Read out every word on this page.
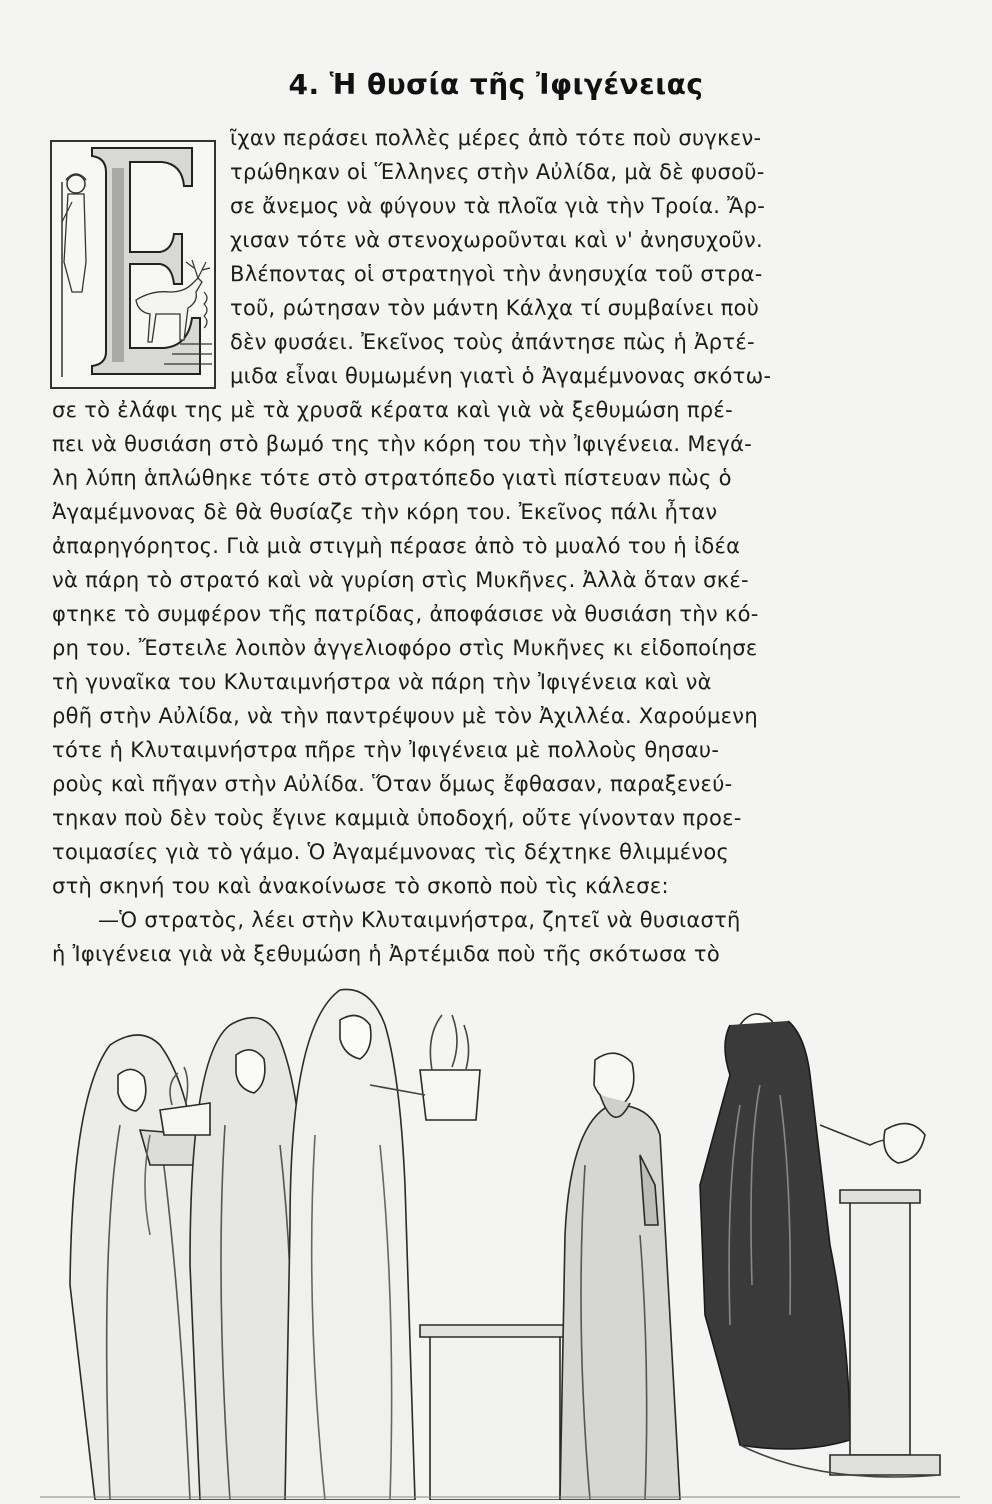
4. Ἡ θυσία τῆς Ἰφιγένειας
ῖχαν περάσει πολλὲς μέρες ἀπὸ τότε ποὺ συγκεν-
τρώθηκαν οἱ Ἕλληνες στὴν Αὐλίδα, μὰ δὲ φυσοῦ-
σε ἄνεμος νὰ φύγουν τὰ πλοῖα γιὰ τὴν Τροία. Ἄρ-
χισαν τότε νὰ στενοχωροῦνται καὶ ν' ἀνησυχοῦν.
Βλέποντας οἱ στρατηγοὶ τὴν ἀνησυχία τοῦ στρα-
τοῦ, ρώτησαν τὸν μάντη Κάλχα τί συμβαίνει ποὺ
δὲν φυσάει. Ἐκεῖνος τοὺς ἀπάντησε πὼς ἡ Ἀρτέ-
μιδα εἶναι θυμωμένη γιατὶ ὁ Ἀγαμέμνονας σκότω-
σε τὸ ἐλάφι της μὲ τὰ χρυσᾶ κέρατα καὶ γιὰ νὰ ξεθυμώση πρέ-
πει νὰ θυσιάση στὸ βωμό της τὴν κόρη του τὴν Ἰφιγένεια. Μεγά-
λη λύπη ἁπλώθηκε τότε στὸ στρατόπεδο γιατὶ πίστευαν πὼς ὁ
Ἀγαμέμνονας δὲ θὰ θυσίαζε τὴν κόρη του. Ἐκεῖνος πάλι ἦταν
ἀπαρηγόρητος. Γιὰ μιὰ στιγμὴ πέρασε ἀπὸ τὸ μυαλό του ἡ ἰδέα
νὰ πάρη τὸ στρατό καὶ νὰ γυρίση στὶς Μυκῆνες. Ἀλλὰ ὅταν σκέ-
φτηκε τὸ συμφέρον τῆς πατρίδας, ἀποφάσισε νὰ θυσιάση τὴν κό-
ρη του. Ἔστειλε λοιπὸν ἀγγελιοφόρο στὶς Μυκῆνες κι εἰδοποίησε
τὴ γυναῖκα του Κλυταιμνήστρα νὰ πάρη τὴν Ἰφιγένεια καὶ νὰ
ρθῆ στὴν Αὐλίδα, νὰ τὴν παντρέψουν μὲ τὸν Ἀχιλλέα. Χαρούμενη
τότε ἡ Κλυταιμνήστρα πῆρε τὴν Ἰφιγένεια μὲ πολλοὺς θησαυ-
ροὺς καὶ πῆγαν στὴν Αὐλίδα. Ὅταν ὅμως ἔφθασαν, παραξενεύ-
τηκαν ποὺ δὲν τοὺς ἔγινε καμμιὰ ὑποδοχή, οὔτε γίνονταν προε-
τοιμασίες γιὰ τὸ γάμο. Ὁ Ἀγαμέμνονας τὶς δέχτηκε θλιμμένος
στὴ σκηνή του καὶ ἀνακοίνωσε τὸ σκοπὸ ποὺ τὶς κάλεσε:
—Ὁ στρατὸς, λέει στὴν Κλυταιμνήστρα, ζητεῖ νὰ θυσιαστῆ
ἡ Ἰφιγένεια γιὰ νὰ ξεθυμώση ἡ Ἀρτέμιδα ποὺ τῆς σκότωσα τὸ
